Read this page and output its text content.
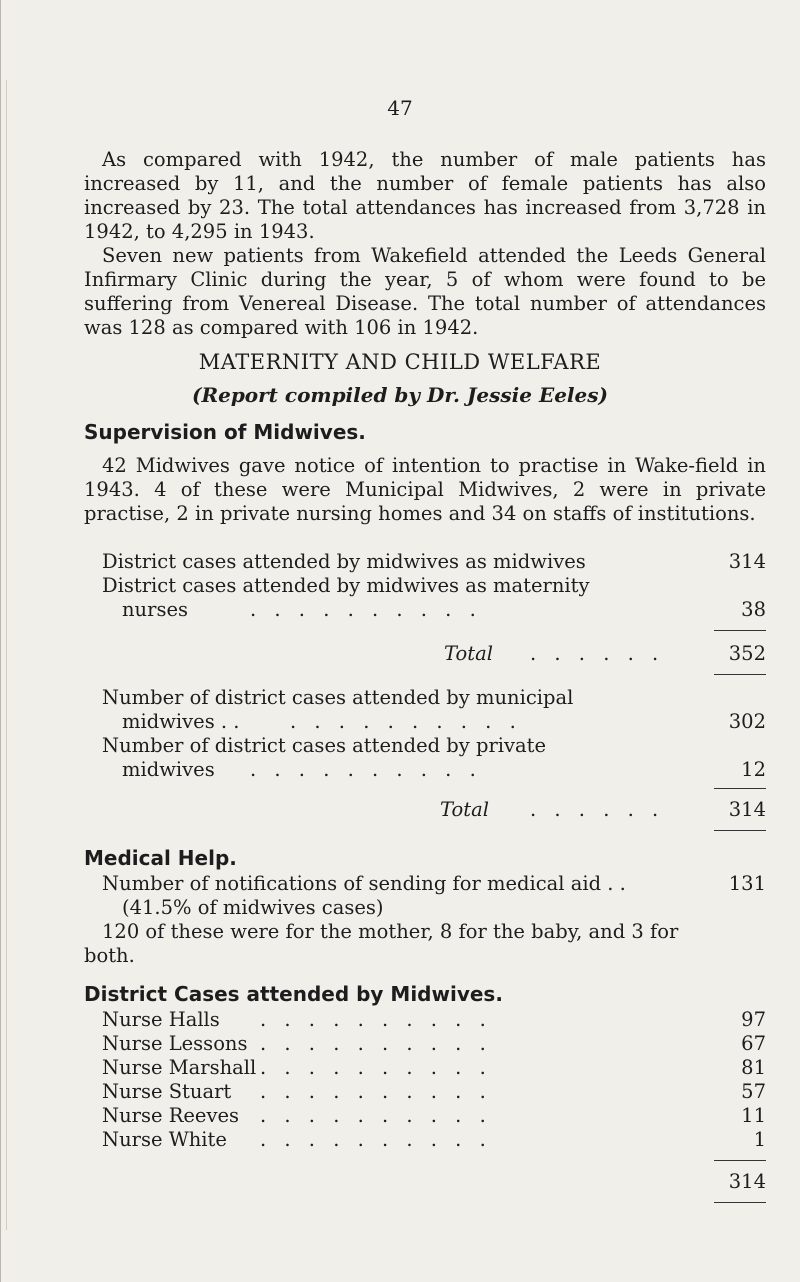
47
As compared with 1942, the number of male patients has increased by 11, and the number of female patients has also increased by 23. The total attendances has increased from 3,728 in 1942, to 4,295 in 1943.
Seven new patients from Wakefield attended the Leeds General Infirmary Clinic during the year, 5 of whom were found to be suffering from Venereal Disease. The total number of attendances was 128 as compared with 106 in 1942.
MATERNITY AND CHILD WELFARE
(Report compiled by Dr. Jessie Eeles)
Supervision of Midwives.
42 Midwives gave notice of intention to practise in Wake-field in 1943. 4 of these were Municipal Midwives, 2 were in private practise, 2 in private nursing homes and 34 on staffs of institutions.
District cases attended by midwives as midwives	314
District cases attended by midwives as maternity
nurses	. . . . . . . . . .	38
Total . . . . . .	352
Number of district cases attended by municipal
midwives . .	. . . . . . . . . .	302
Number of district cases attended by private
midwives . . . . . . . . . .	12
Total . . . . . .	314
Medical Help.
Number of notifications of sending for medical aid . .	131
(41.5% of midwives cases)
120 of these were for the mother, 8 for the baby, and 3 for
both.
District Cases attended by Midwives.
Nurse Halls . . . . . . . . . .	97
Nurse Lessons . . . . . . . . . .	67
Nurse Marshall . . . . . . . . . .	81
Nurse Stuart . . . . . . . . . .	57
Nurse Reeves . . . . . . . . . .	11
Nurse White . . . . . . . . . .	1
314
